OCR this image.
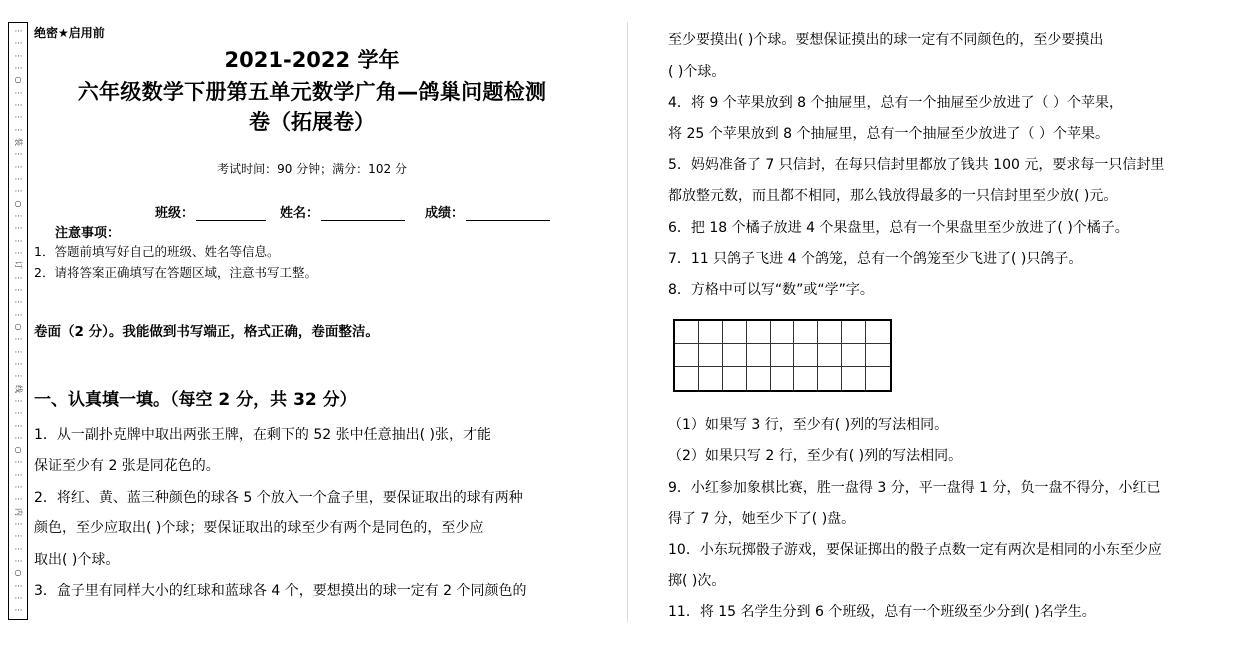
⋮
⋮
⋮
⋮
○
⋮
⋮
⋮
⋮
装
⋮
⋮
⋮
⋮
○
⋮
⋮
⋮
⋮
订
⋮
⋮
⋮
⋮
○
⋮
⋮
⋮
⋮
线
⋮
⋮
⋮
⋮
○
⋮
⋮
⋮
⋮
内
⋮
⋮
⋮
⋮
○
⋮
⋮
⋮
绝密★启用前
2021-2022 学年
六年级数学下册第五单元数学广角—鸽巢问题检测
卷（拓展卷）
考试时间：90 分钟；满分：102 分
班级：	姓名：	成绩：
注意事项：
1．答题前填写好自己的班级、姓名等信息。
2．请将答案正确填写在答题区域，注意书写工整。
卷面（2 分）。我能做到书写端正，格式正确，卷面整洁。
一、认真填一填。（每空 2 分，共 32 分）
1．从一副扑克牌中取出两张王牌，在剩下的 52 张中任意抽出( )张，才能
保证至少有 2 张是同花色的。
2．将红、黄、蓝三种颜色的球各 5 个放入一个盒子里，要保证取出的球有两种
颜色，至少应取出( )个球；要保证取出的球至少有两个是同色的，至少应
取出( )个球。
3．盒子里有同样大小的红球和蓝球各 4 个，要想摸出的球一定有 2 个同颜色的
至少要摸出( )个球。要想保证摸出的球一定有不同颜色的，至少要摸出
( )个球。
4．将 9 个苹果放到 8 个抽屉里，总有一个抽屉至少放进了（ ）个苹果，
将 25 个苹果放到 8 个抽屉里，总有一个抽屉至少放进了（ ）个苹果。
5．妈妈准备了 7 只信封，在每只信封里都放了钱共 100 元，要求每一只信封里
都放整元数，而且都不相同，那么钱放得最多的一只信封里至少放( )元。
6．把 18 个橘子放进 4 个果盘里，总有一个果盘里至少放进了( )个橘子。
7．11 只鸽子飞进 4 个鸽笼，总有一个鸽笼至少飞进了( )只鸽子。
8．方格中可以写“数”或“学”字。
（1）如果写 3 行，至少有( )列的写法相同。
（2）如果只写 2 行，至少有( )列的写法相同。
9．小红参加象棋比赛，胜一盘得 3 分，平一盘得 1 分，负一盘不得分，小红已
得了 7 分，她至少下了( )盘。
10．小东玩掷骰子游戏，要保证掷出的骰子点数一定有两次是相同的小东至少应
掷( )次。
11．将 15 名学生分到 6 个班级，总有一个班级至少分到( )名学生。
